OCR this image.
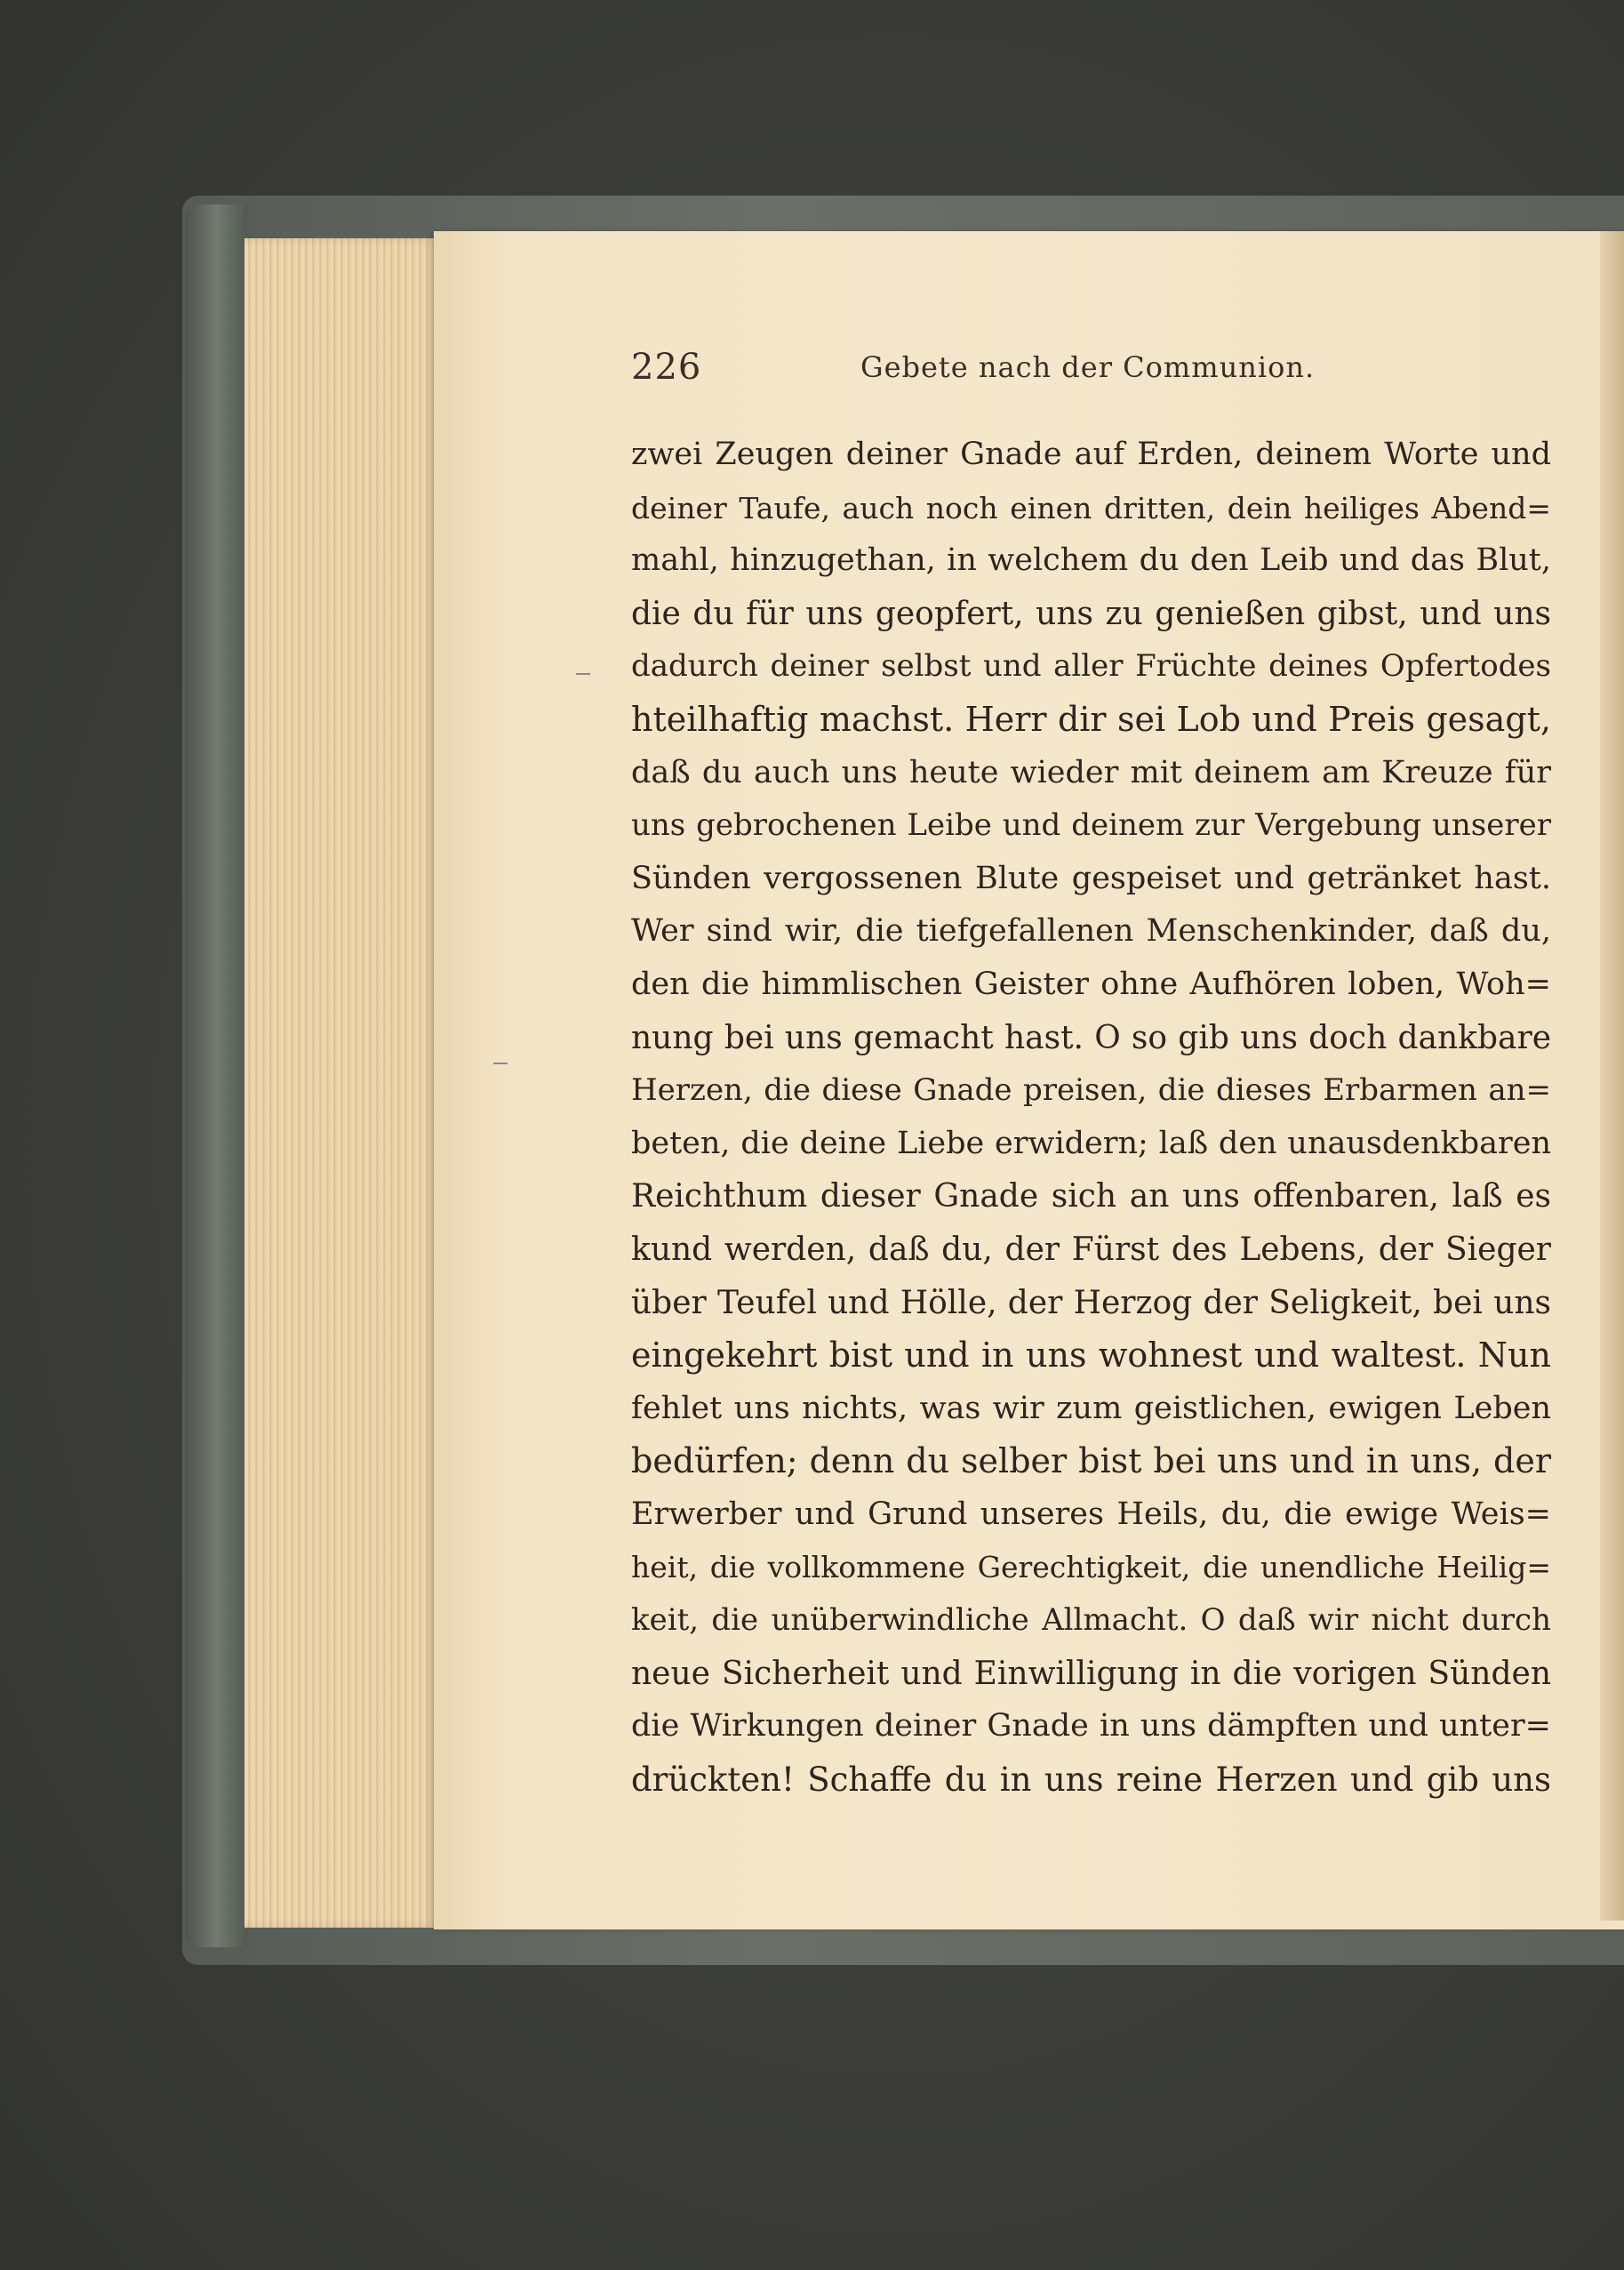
226	Gebete nach der Communion.
zwei Zeugen deiner Gnade auf Erden, deinem Worte und
deiner Taufe, auch noch einen dritten, dein heiliges Abend=
mahl, hinzugethan, in welchem du den Leib und das Blut,
die du für uns geopfert, uns zu genießen gibst, und uns
dadurch deiner selbst und aller Früchte deines Opfertodes
hteilhaftig machst. Herr dir sei Lob und Preis gesagt,
daß du auch uns heute wieder mit deinem am Kreuze für
uns gebrochenen Leibe und deinem zur Vergebung unserer
Sünden vergossenen Blute gespeiset und getränket hast.
Wer sind wir, die tiefgefallenen Menschenkinder, daß du,
den die himmlischen Geister ohne Aufhören loben, Woh=
nung bei uns gemacht hast. O so gib uns doch dankbare
Herzen, die diese Gnade preisen, die dieses Erbarmen an=
beten, die deine Liebe erwidern; laß den unausdenkbaren
Reichthum dieser Gnade sich an uns offenbaren, laß es
kund werden, daß du, der Fürst des Lebens, der Sieger
über Teufel und Hölle, der Herzog der Seligkeit, bei uns
eingekehrt bist und in uns wohnest und waltest. Nun
fehlet uns nichts, was wir zum geistlichen, ewigen Leben
bedürfen; denn du selber bist bei uns und in uns, der
Erwerber und Grund unseres Heils, du, die ewige Weis=
heit, die vollkommene Gerechtigkeit, die unendliche Heilig=
keit, die unüberwindliche Allmacht. O daß wir nicht durch
neue Sicherheit und Einwilligung in die vorigen Sünden
die Wirkungen deiner Gnade in uns dämpften und unter=
drückten! Schaffe du in uns reine Herzen und gib uns
